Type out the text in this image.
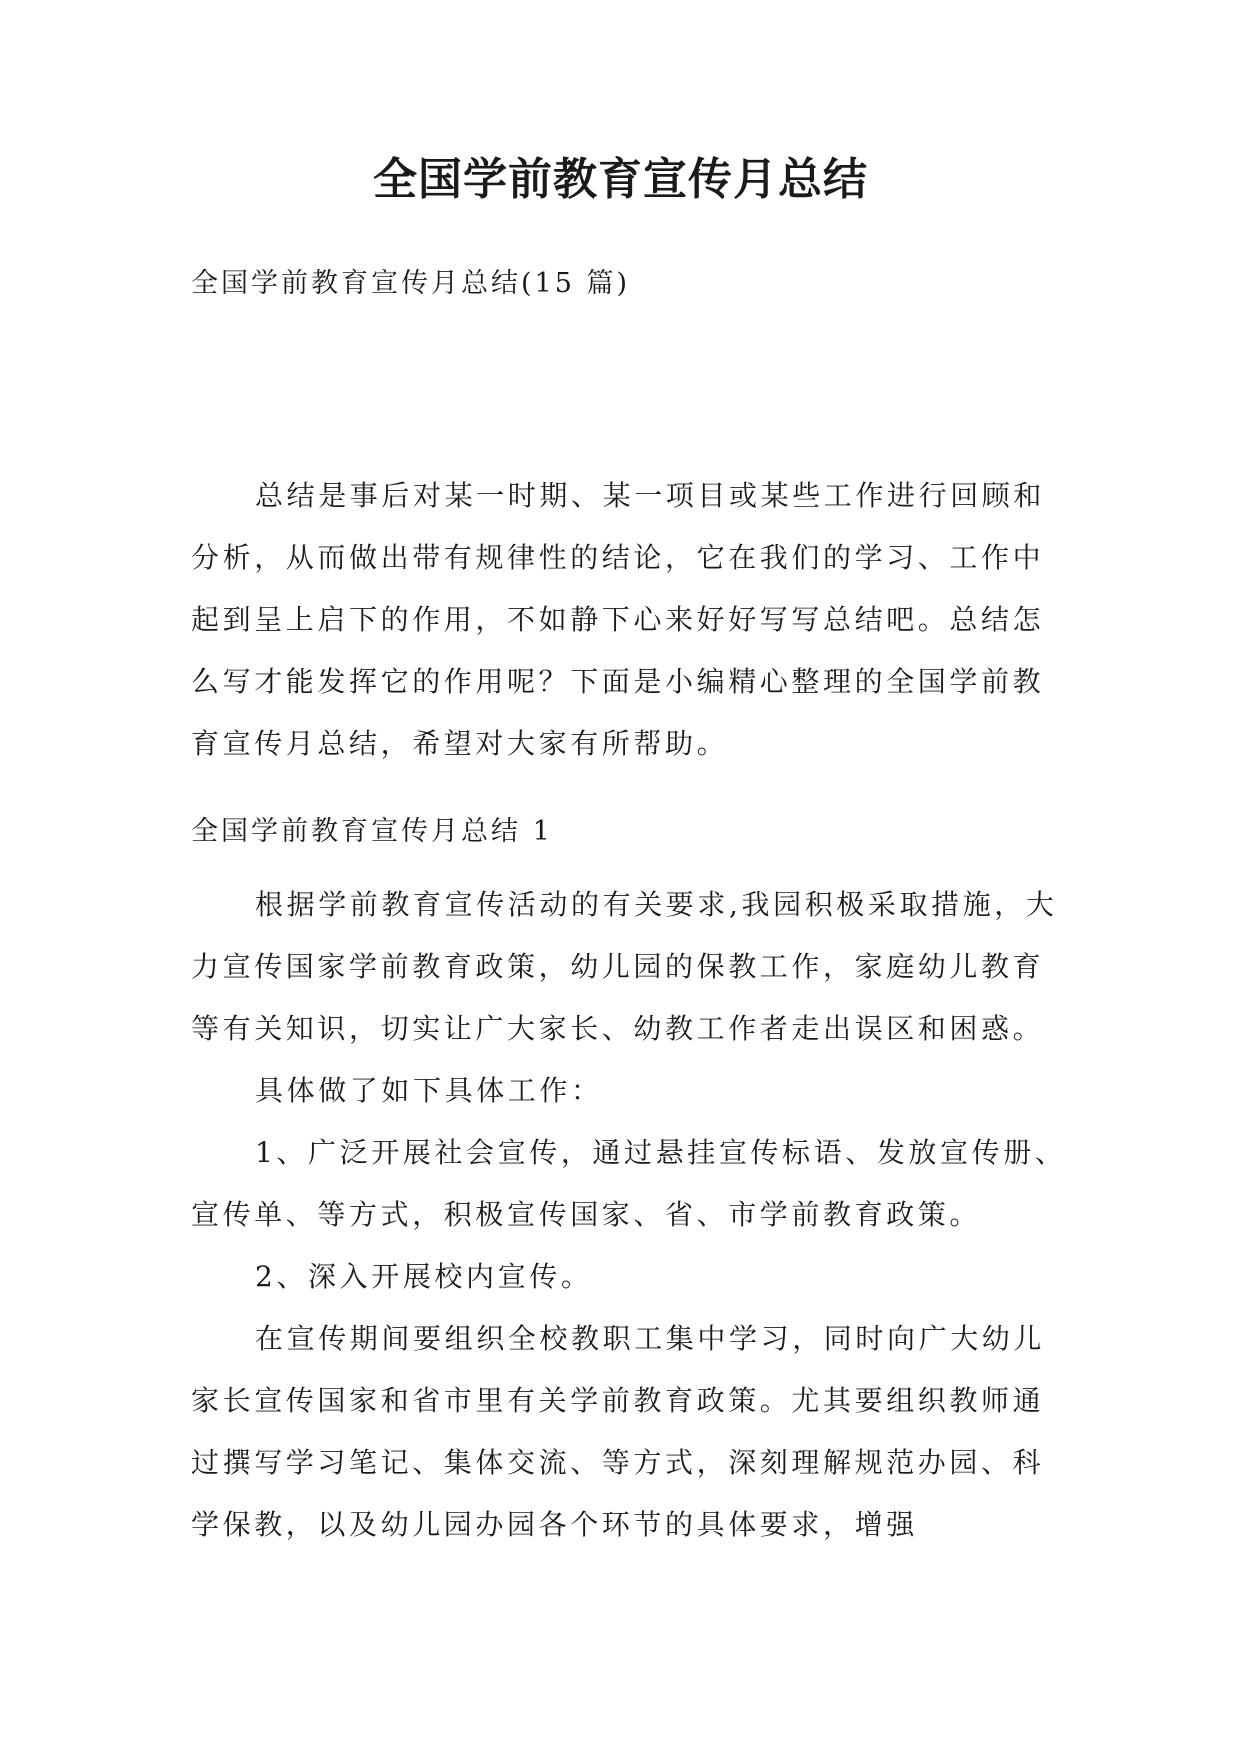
全国学前教育宣传月总结

全国学前教育宣传月总结(15 篇)

总结是事后对某一时期、某一项目或某些工作进行回顾和分析，从而做出带有规律性的结论，它在我们的学习、工作中起到呈上启下的作用，不如静下心来好好写写总结吧。总结怎么写才能发挥它的作用呢？下面是小编精心整理的全国学前教育宣传月总结，希望对大家有所帮助。

全国学前教育宣传月总结 1

根据学前教育宣传活动的有关要求,我园积极采取措施，大力宣传国家学前教育政策，幼儿园的保教工作，家庭幼儿教育等有关知识，切实让广大家长、幼教工作者走出误区和困惑。

具体做了如下具体工作：

1、广泛开展社会宣传，通过悬挂宣传标语、发放宣传册、宣传单、等方式，积极宣传国家、省、市学前教育政策。

2、深入开展校内宣传。

在宣传期间要组织全校教职工集中学习，同时向广大幼儿家长宣传国家和省市里有关学前教育政策。尤其要组织教师通过撰写学习笔记、集体交流、等方式，深刻理解规范办园、科学保教，以及幼儿园办园各个环节的具体要求，增强
